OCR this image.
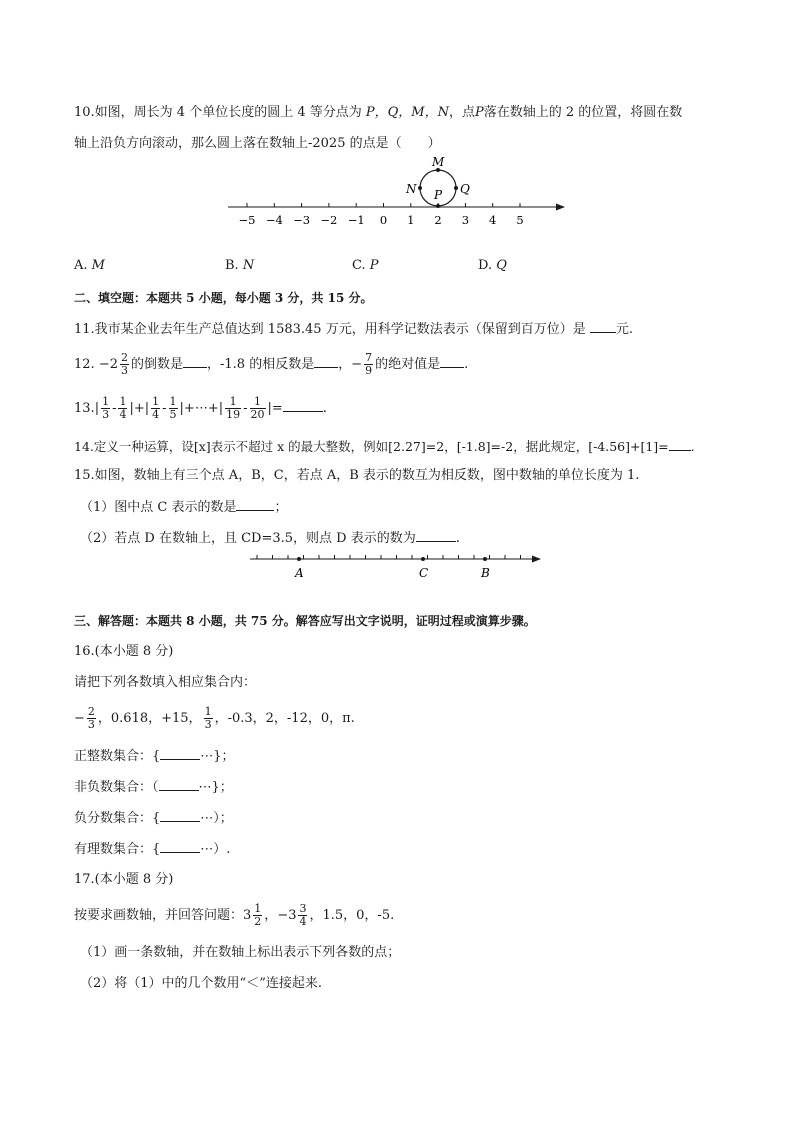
10.如图，周长为 4 个单位长度的圆上 4 等分点为 P，Q，M，N，点P落在数轴上的 2 的位置，将圆在数
轴上沿负方向滚动，那么圆上落在数轴上-2025 的点是（　　）
−5 −4 −3 −2 −1 0 1 2 3 4 5
M
N P Q
A. M	B. N	C. P	D. Q
二、填空题：本题共 5 小题，每小题 3 分，共 15 分。
11.我市某企业去年生产总值达到 1583.45 万元，用科学记数法表示（保留到百万位）是 元.
12. $-2 \frac{2}{3}$ 的倒数是 ，-1.8 的相反数是 ，− $\frac{7}{9}$ 的绝对值是 .
$13.| \frac{1}{3} - \frac{1}{4}$ |+| $\frac{1}{4} - \frac{1}{5}$ |+⋯+| $\frac{1}{19} - \frac{1}{20}$ |=	.
14.定义一种运算，设[x]表示不超过 x 的最大整数，例如[2.27]=2，[-1.8]=-2，据此规定，[-4.56]+[1]= .
15.如图，数轴上有三个点 A，B，C，若点 A，B 表示的数互为相反数，图中数轴的单位长度为 1.
（1）图中点 C 表示的数是	；
（2）若点 D 在数轴上，且 CD=3.5，则点 D 表示的数为	.
A	C	B
三、解答题：本题共 8 小题，共 75 分。解答应写出文字说明，证明过程或演算步骤。
16.(本小题 8 分)
请把下列各数填入相应集合内：
− $\frac{2}{3}$ ，0.618，+15， $\frac{1}{3}$ ，-0.3，2，-12，0，π.
正整数集合：{	⋯}；
非负数集合：（	⋯}；
负分数集合：{	⋯）；
有理数集合：{	⋯）.
17.(本小题 8 分)
按要求画数轴，并回答问题：$3 \frac{1}{2}$ ，$-3 \frac{3}{4}$ ，1.5，0，-5.
（1）画一条数轴，并在数轴上标出表示下列各数的点；
（2）将（1）中的几个数用“＜”连接起来.
